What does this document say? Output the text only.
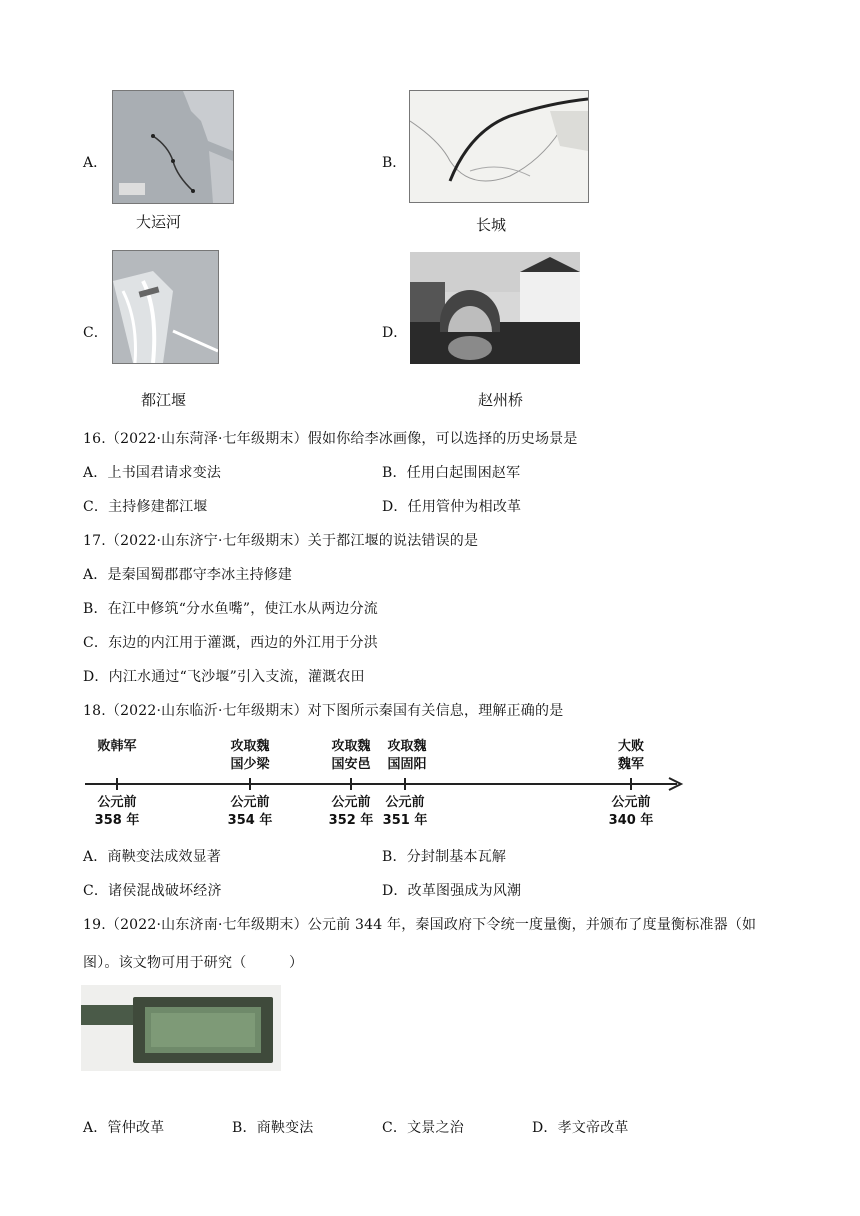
A．
大运河
B．
长城
C．
都江堰
D．
赵州桥
16.（2022·山东菏泽·七年级期末）假如你给李冰画像，可以选择的历史场景是
A．上书国君请求变法	B．任用白起围困赵军
C．主持修建都江堰	D．任用管仲为相改革
17.（2022·山东济宁·七年级期末）关于都江堰的说法错误的是
A．是秦国蜀郡郡守李冰主持修建
B．在江中修筑“分水鱼嘴”，使江水从两边分流
C．东边的内江用于灌溉，西边的外江用于分洪
D．内江水通过“飞沙堰”引入支流，灌溉农田
18.（2022·山东临沂·七年级期末）对下图所示秦国有关信息，理解正确的是
败韩军	攻取魏
国少梁
攻取魏
国安邑
攻取魏
国固阳
大败
魏军
公元前
358 年
公元前
354 年
公元前
352 年
公元前
351 年
公元前
340 年
A．商鞅变法成效显著	B．分封制基本瓦解
C．诸侯混战破坏经济	D．改革图强成为风潮
19.（2022·山东济南·七年级期末）公元前 344 年，秦国政府下令统一度量衡，并颁布了度量衡标准器（如
图）。该文物可用于研究（　　　）
A．管仲改革	B．商鞅变法	C．文景之治	D．孝文帝改革
